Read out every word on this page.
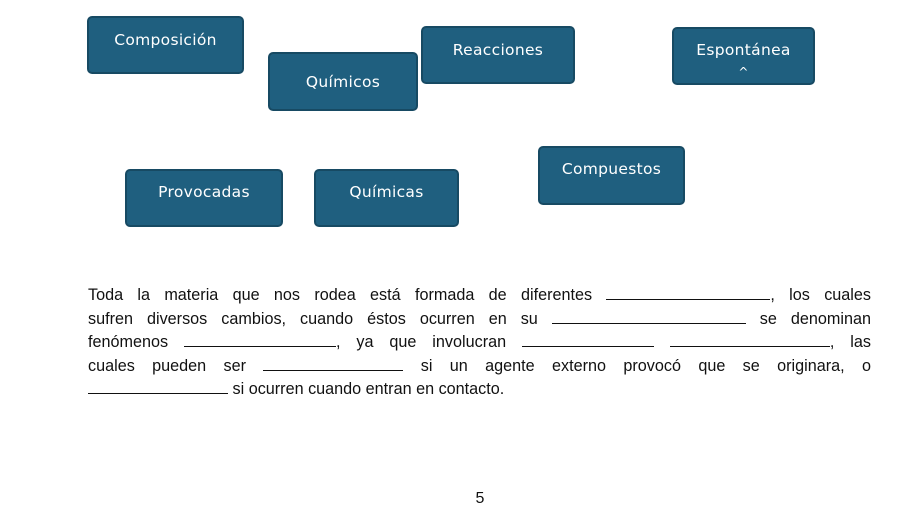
Composición
Químicos
Reacciones	Espontánea
^
Compuestos
Provocadas	Químicas
Toda la materia que nos rodea está formada de diferentes	, los cuales
sufren diversos cambios, cuando éstos ocurren en su	se denominan
fenómenos	, ya que involucran	, las
cuales pueden ser	si un agente externo provocó que se originara, o
si ocurren cuando entran en contacto.
5
